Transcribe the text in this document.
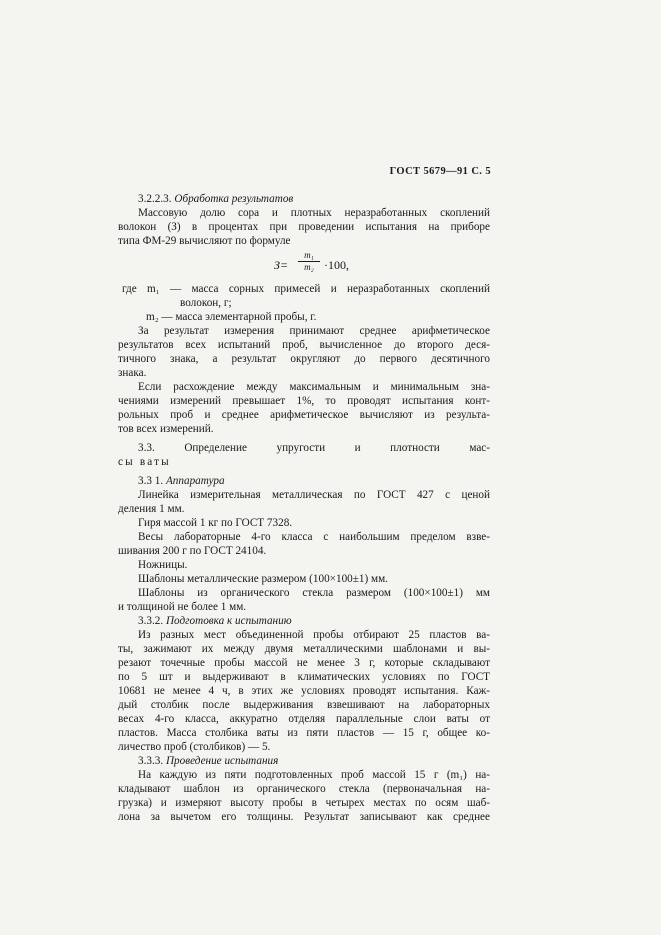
ГОСТ 5679—91 С. 5
3.2.2.3. Обработка результатов
Массовую долю сора и плотных неразработанных скоплений
волокон (З) в процентах при проведении испытания на приборе
типа ФМ-29 вычисляют по формуле
$З= \frac{\text{m₁}}{\text{m₂}} \cdot 100$,
где m₁ — масса сорных примесей и неразработанных скоплений
волокон, г;
m₂ — масса элементарной пробы, г.
За результат измерения принимают среднее арифметическое
результатов всех испытаний проб, вычисленное до второго деся-
тичного знака, а результат округляют до первого десятичного
знака.
Если расхождение между максимальным и минимальным зна-
чениями измерений превышает 1%, то проводят испытания конт-
рольных проб и среднее арифметическое вычисляют из результа-
тов всех измерений.
3.3. Определение упругости и плотности мас-
сы ваты
3.3 1. Аппаратура
Линейка измерительная металлическая по ГОСТ 427 с ценой
деления 1 мм.
Гиря массой 1 кг по ГОСТ 7328.
Весы лабораторные 4-го класса с наибольшим пределом взве-
шивания 200 г по ГОСТ 24104.
Ножницы.
Шаблоны металлические размером (100×100±1) мм.
Шаблоны из органического стекла размером (100×100±1) мм
и толщиной не более 1 мм.
3.3.2. Подготовка к испытанию
Из разных мест объединенной пробы отбирают 25 пластов ва-
ты, зажимают их между двумя металлическими шаблонами и вы-
резают точечные пробы массой не менее 3 г, которые складывают
по 5 шт и выдерживают в климатических условиях по ГОСТ
10681 не менее 4 ч, в этих же условиях проводят испытания. Каж-
дый столбик после выдерживания взвешивают на лабораторных
весах 4-го класса, аккуратно отделяя параллельные слои ваты от
пластов. Масса столбика ваты из пяти пластов — 15 г, общее ко-
личество проб (столбиков) — 5.
3.3.3. Проведение испытания
На каждую из пяти подготовленных проб массой 15 г (m₁) на-
кладывают шаблон из органического стекла (первоначальная на-
грузка) и измеряют высоту пробы в четырех местах по осям шаб-
лона за вычетом его толщины. Результат записывают как среднее
